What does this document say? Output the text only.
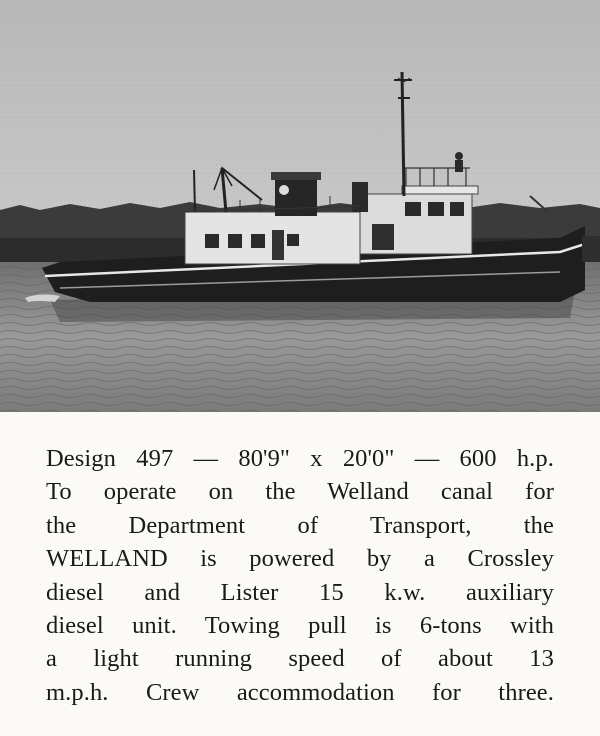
Design 497 — 80'9" x 20'0" — 600 h.p.
To operate on the Welland canal for
the Department of Transport, the
WELLAND is powered by a Crossley
diesel and Lister 15 k.w. auxiliary
diesel unit. Towing pull is 6-tons with
a light running speed of about 13
m.p.h. Crew accommodation for three.
